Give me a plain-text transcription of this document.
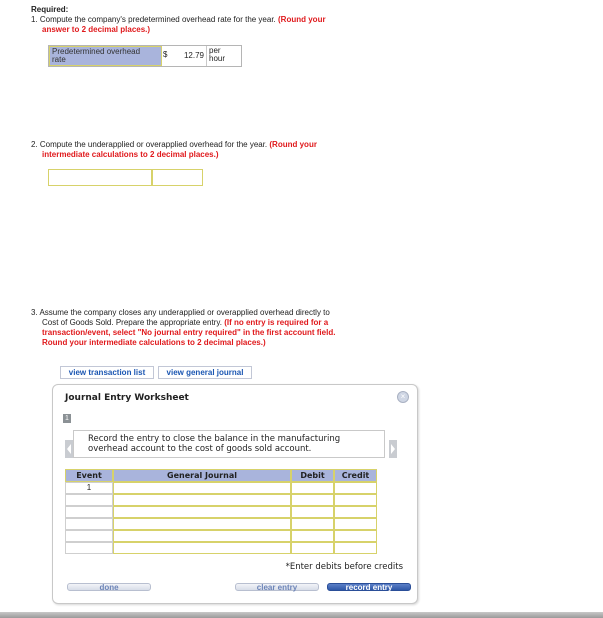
Required:
1. Compute the company's predetermined overhead rate for the year. (Round your
answer to 2 decimal places.)
Predetermined overhead
rate
$	12.79
per
hour
2. Compute the underapplied or overapplied overhead for the year. (Round your
intermediate calculations to 2 decimal places.)
3. Assume the company closes any underapplied or overapplied overhead directly to
Cost of Goods Sold. Prepare the appropriate entry. (If no entry is required for a
transaction/event, select "No journal entry required" in the first account field.
Round your intermediate calculations to 2 decimal places.)
view transaction list	view general journal
Journal Entry Worksheet	×
1
Record the entry to close the balance in the manufacturing
overhead account to the cost of goods sold account.
Event	General Journal	Debit	Credit
1
*Enter debits before credits
done	clear entry	record entry
